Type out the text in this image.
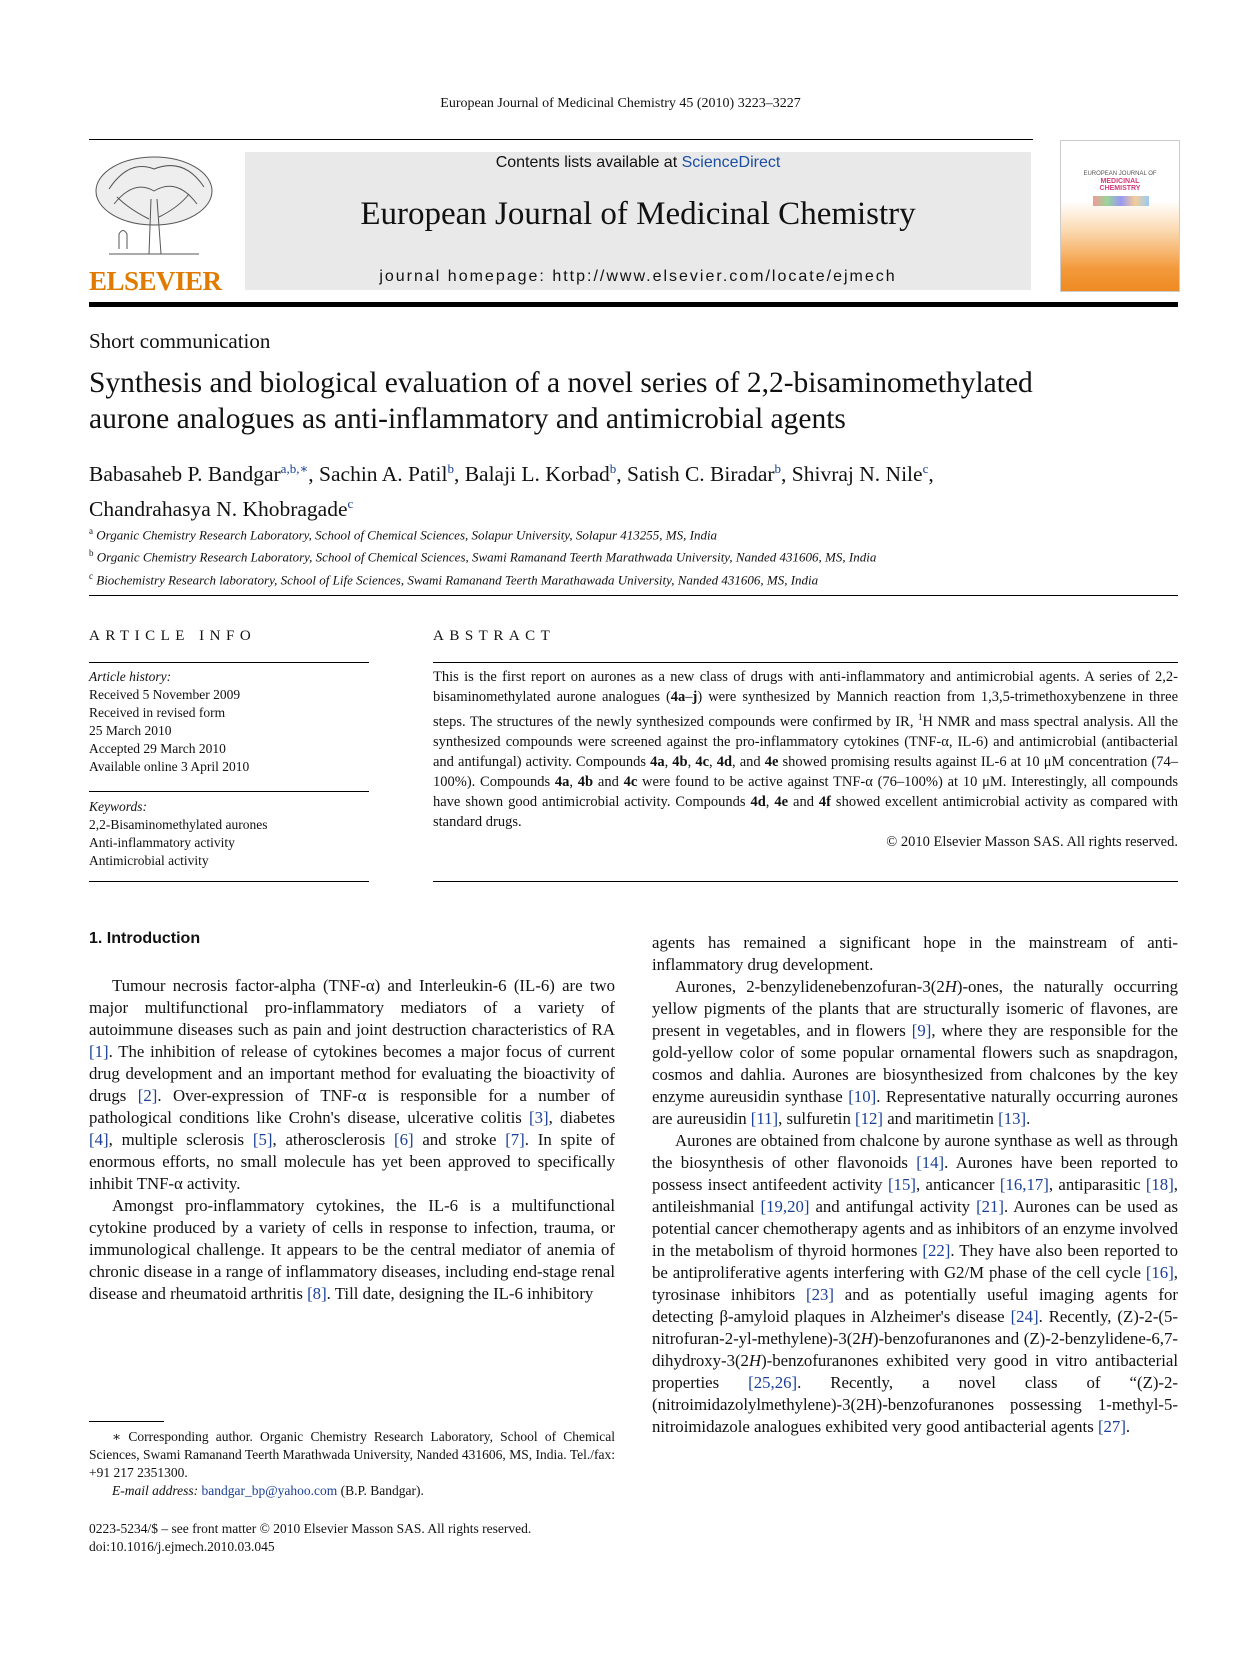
European Journal of Medicinal Chemistry 45 (2010) 3223–3227
ELSEVIER
Contents lists available at ScienceDirect
European Journal of Medicinal Chemistry
journal homepage: http://www.elsevier.com/locate/ejmech
EUROPEAN JOURNAL OF
MEDICINAL
CHEMISTRY
Short communication
Synthesis and biological evaluation of a novel series of 2,2-bisaminomethylated
aurone analogues as anti-inflammatory and antimicrobial agents
Babasaheb P. Bandgar$^{a,b,∗}$, Sachin A. Patil$^b$, Balaji L. Korbad$^b$, Satish C. Biradar$^b$, Shivraj N. Nile$^c$,
Chandrahasya N. Khobragade$^c$
$^a$ Organic Chemistry Research Laboratory, School of Chemical Sciences, Solapur University, Solapur 413255, MS, India
$^b$ Organic Chemistry Research Laboratory, School of Chemical Sciences, Swami Ramanand Teerth Marathwada University, Nanded 431606, MS, India
$^c$ Biochemistry Research laboratory, School of Life Sciences, Swami Ramanand Teerth Marathawada University, Nanded 431606, MS, India
ARTICLE INFO
Article history:
Received 5 November 2009
Received in revised form
25 March 2010
Accepted 29 March 2010
Available online 3 April 2010
Keywords:
2,2-Bisaminomethylated aurones
Anti-inflammatory activity
Antimicrobial activity
ABSTRACT
This is the first report on aurones as a new class of drugs with anti-inflammatory and antimicrobial agents. A series of 2,2-bisaminomethylated aurone analogues (4a–j) were synthesized by Mannich reaction from 1,3,5-trimethoxybenzene in three steps. The structures of the newly synthesized compounds were confirmed by IR, $^1$H NMR and mass spectral analysis. All the synthesized compounds were screened against the pro-inflammatory cytokines (TNF-α, IL-6) and antimicrobial (antibacterial and antifungal) activity. Compounds 4a, 4b, 4c, 4d, and 4e showed promising results against IL-6 at 10 μM concentration (74–100%). Compounds 4a, 4b and 4c were found to be active against TNF-α (76–100%) at 10 μM. Interestingly, all compounds have shown good antimicrobial activity. Compounds 4d, 4e and 4f showed excellent antimicrobial activity as compared with standard drugs.
© 2010 Elsevier Masson SAS. All rights reserved.
1. Introduction

Tumour necrosis factor-alpha (TNF-α) and Interleukin-6 (IL-6) are two major multifunctional pro-inflammatory mediators of a variety of autoimmune diseases such as pain and joint destruction characteristics of RA [1]. The inhibition of release of cytokines becomes a major focus of current drug development and an important method for evaluating the bioactivity of drugs [2]. Over-expression of TNF-α is responsible for a number of pathological conditions like Crohn's disease, ulcerative colitis [3], diabetes [4], multiple sclerosis [5], atherosclerosis [6] and stroke [7]. In spite of enormous efforts, no small molecule has yet been approved to specifically inhibit TNF-α activity.

Amongst pro-inflammatory cytokines, the IL-6 is a multifunctional cytokine produced by a variety of cells in response to infection, trauma, or immunological challenge. It appears to be the central mediator of anemia of chronic disease in a range of inflammatory diseases, including end-stage renal disease and rheumatoid arthritis [8]. Till date, designing the IL-6 inhibitory

agents has remained a significant hope in the mainstream of anti-inflammatory drug development.

Aurones, 2-benzylidenebenzofuran-3(2H)-ones, the naturally occurring yellow pigments of the plants that are structurally isomeric of flavones, are present in vegetables, and in flowers [9], where they are responsible for the gold-yellow color of some popular ornamental flowers such as snapdragon, cosmos and dahlia. Aurones are biosynthesized from chalcones by the key enzyme aureusidin synthase [10]. Representative naturally occurring aurones are aureusidin [11], sulfuretin [12] and maritimetin [13].

Aurones are obtained from chalcone by aurone synthase as well as through the biosynthesis of other flavonoids [14]. Aurones have been reported to possess insect antifeedent activity [15], anticancer [16,17], antiparasitic [18], antileishmanial [19,20] and antifungal activity [21]. Aurones can be used as potential cancer chemotherapy agents and as inhibitors of an enzyme involved in the metabolism of thyroid hormones [22]. They have also been reported to be antiproliferative agents interfering with G2/M phase of the cell cycle [16], tyrosinase inhibitors [23] and as potentially useful imaging agents for detecting β-amyloid plaques in Alzheimer's disease [24]. Recently, (Z)-2-(5-nitrofuran-2-yl-methylene)-3(2H)-benzofuranones and (Z)-2-benzylidene-6,7-dihydroxy-3(2H)-benzofuranones exhibited very good in vitro antibacterial properties [25,26]. Recently, a novel class of “(Z)-2-(nitroimidazolylmethylene)-3(2H)-benzofuranones possessing 1-methyl-5-nitroimidazole analogues exhibited very good antibacterial agents [27].

∗ Corresponding author. Organic Chemistry Research Laboratory, School of Chemical Sciences, Swami Ramanand Teerth Marathwada University, Nanded 431606, MS, India. Tel./fax: +91 217 2351300.
E-mail address: bandgar_bp@yahoo.com (B.P. Bandgar).
0223-5234/$ – see front matter © 2010 Elsevier Masson SAS. All rights reserved.
doi:10.1016/j.ejmech.2010.03.045
